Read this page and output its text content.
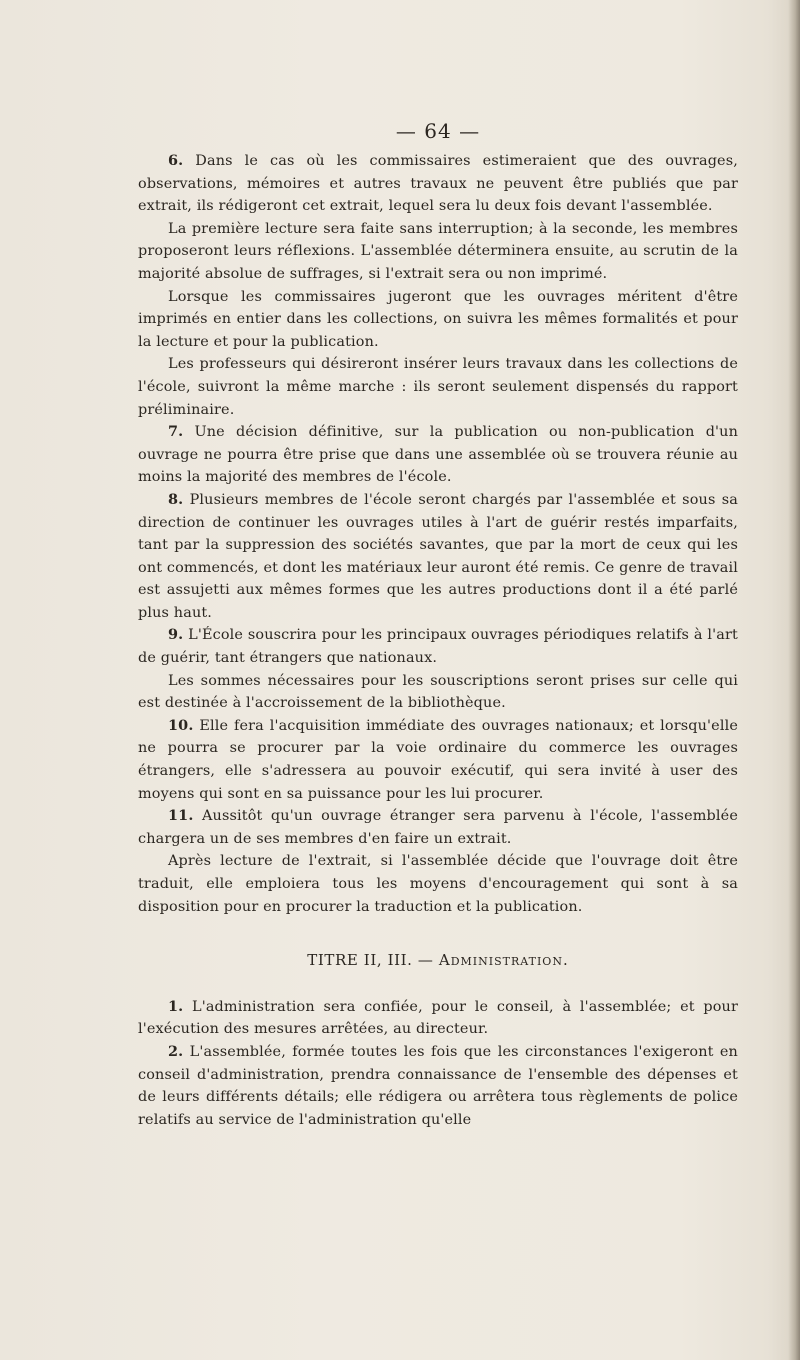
— 64 —

6. Dans le cas où les commissaires estimeraient que des ouvrages, observations, mémoires et autres travaux ne peuvent être publiés que par extrait, ils rédigeront cet extrait, lequel sera lu deux fois devant l'assemblée.

La première lecture sera faite sans interruption; à la seconde, les membres proposeront leurs réflexions. L'assemblée déterminera ensuite, au scrutin de la majorité absolue de suffrages, si l'extrait sera ou non imprimé.

Lorsque les commissaires jugeront que les ouvrages méritent d'être imprimés en entier dans les collections, on suivra les mêmes formalités et pour la lecture et pour la publication.

Les professeurs qui désireront insérer leurs travaux dans les collections de l'école, suivront la même marche : ils seront seulement dispensés du rapport préliminaire.

7. Une décision définitive, sur la publication ou non-publication d'un ouvrage ne pourra être prise que dans une assemblée où se trouvera réunie au moins la majorité des membres de l'école.

8. Plusieurs membres de l'école seront chargés par l'assemblée et sous sa direction de continuer les ouvrages utiles à l'art de guérir restés imparfaits, tant par la suppression des sociétés savantes, que par la mort de ceux qui les ont commencés, et dont les matériaux leur auront été remis. Ce genre de travail est assujetti aux mêmes formes que les autres productions dont il a été parlé plus haut.

9. L'École souscrira pour les principaux ouvrages périodiques relatifs à l'art de guérir, tant étrangers que nationaux.

Les sommes nécessaires pour les souscriptions seront prises sur celle qui est destinée à l'accroissement de la bibliothèque.

10. Elle fera l'acquisition immédiate des ouvrages nationaux; et lorsqu'elle ne pourra se procurer par la voie ordinaire du commerce les ouvrages étrangers, elle s'adressera au pouvoir exécutif, qui sera invité à user des moyens qui sont en sa puissance pour les lui procurer.

11. Aussitôt qu'un ouvrage étranger sera parvenu à l'école, l'assemblée chargera un de ses membres d'en faire un extrait.

Après lecture de l'extrait, si l'assemblée décide que l'ouvrage doit être traduit, elle emploiera tous les moyens d'encouragement qui sont à sa disposition pour en procurer la traduction et la publication.

TITRE II, III. — Administration.

1. L'administration sera confiée, pour le conseil, à l'assemblée; et pour l'exécution des mesures arrêtées, au directeur.

2. L'assemblée, formée toutes les fois que les circonstances l'exigeront en conseil d'administration, prendra connaissance de l'ensemble des dépenses et de leurs différents détails; elle rédigera ou arrêtera tous règlements de police relatifs au service de l'administration qu'elle
